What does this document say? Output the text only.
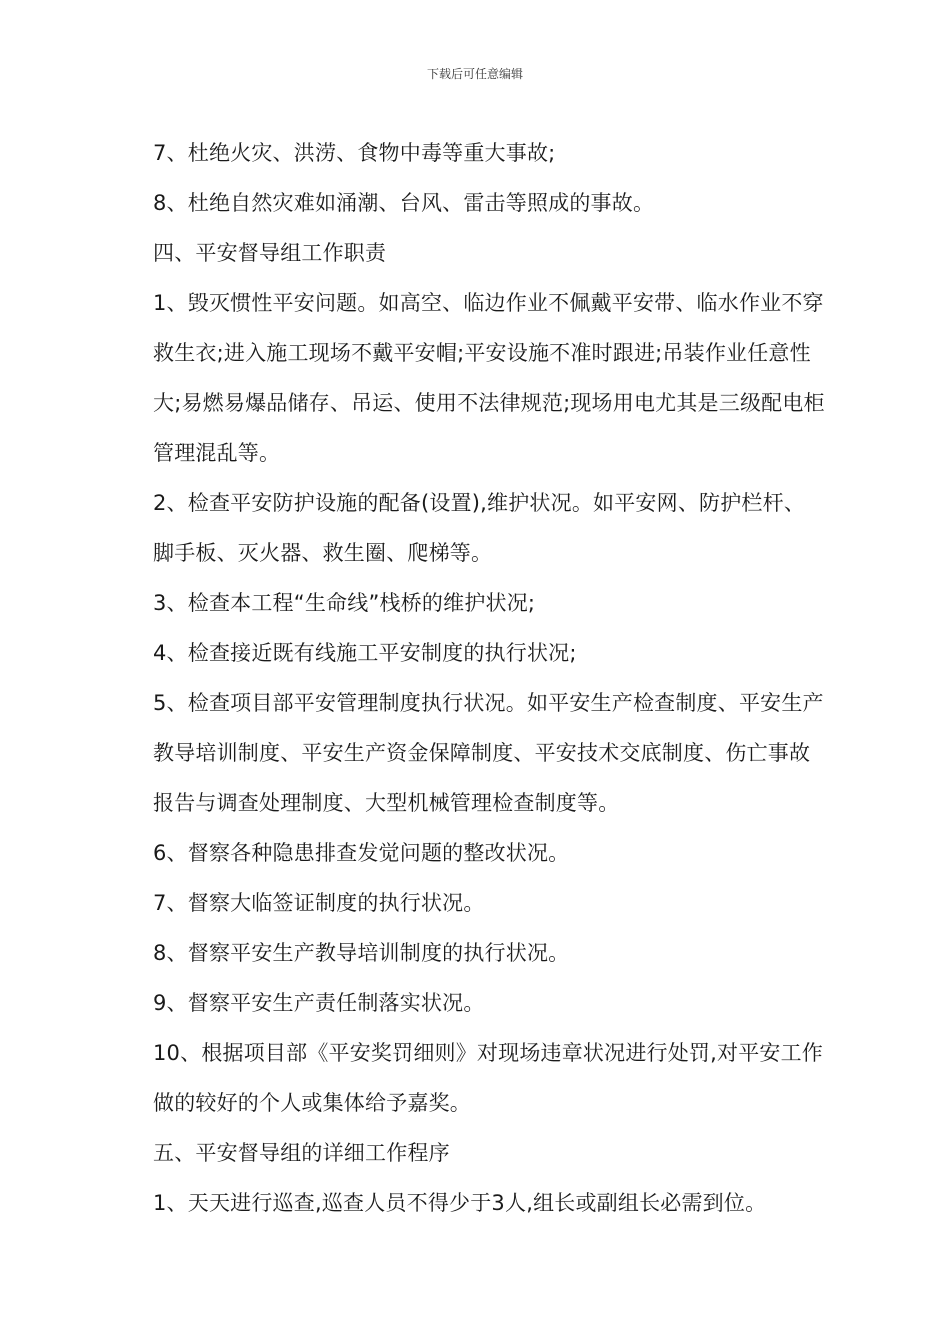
下载后可任意编辑

7、杜绝火灾、洪涝、食物中毒等重大事故;

8、杜绝自然灾难如涌潮、台风、雷击等照成的事故。

四、平安督导组工作职责

1、毁灭惯性平安问题。如高空、临边作业不佩戴平安带、临水作业不穿救生衣;进入施工现场不戴平安帽;平安设施不准时跟进;吊装作业任意性大;易燃易爆品储存、吊运、使用不法律规范;现场用电尤其是三级配电柜管理混乱等。

2、检查平安防护设施的配备(设置),维护状况。如平安网、防护栏杆、脚手板、灭火器、救生圈、爬梯等。

3、检查本工程“生命线”栈桥的维护状况;

4、检查接近既有线施工平安制度的执行状况;

5、检查项目部平安管理制度执行状况。如平安生产检查制度、平安生产教导培训制度、平安生产资金保障制度、平安技术交底制度、伤亡事故报告与调查处理制度、大型机械管理检查制度等。

6、督察各种隐患排查发觉问题的整改状况。

7、督察大临签证制度的执行状况。

8、督察平安生产教导培训制度的执行状况。

9、督察平安生产责任制落实状况。

10、根据项目部《平安奖罚细则》对现场违章状况进行处罚,对平安工作做的较好的个人或集体给予嘉奖。

五、平安督导组的详细工作程序

1、天天进行巡查,巡查人员不得少于3人,组长或副组长必需到位。
